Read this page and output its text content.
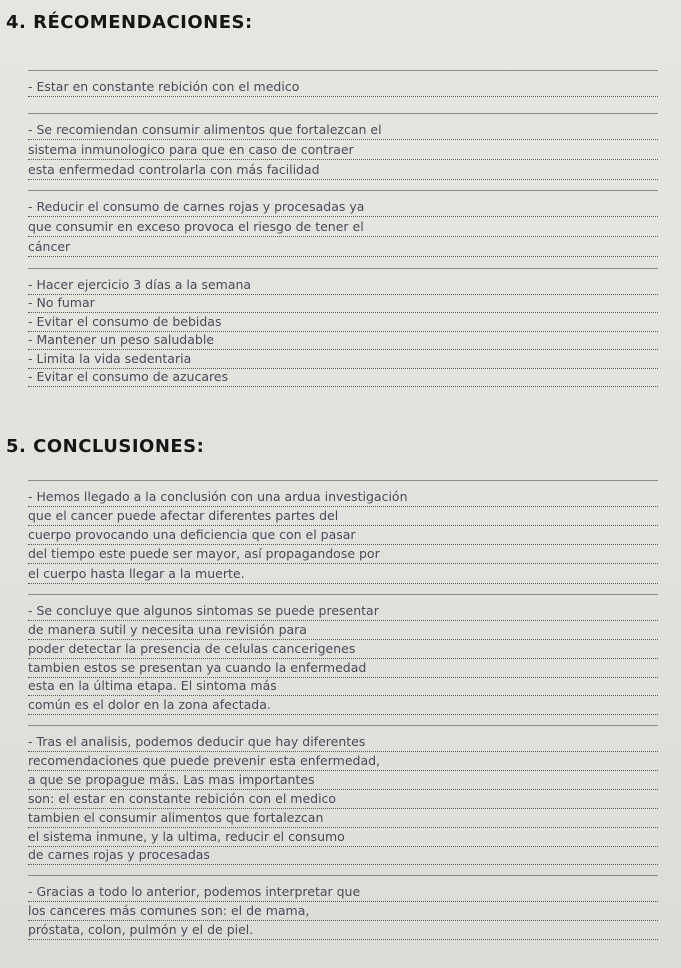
4. RÉCOMENDACIONES:
- Estar en constante rebición con el medico
- Se recomiendan consumir alimentos que fortalezcan el
sistema inmunologico para que en caso de contraer
esta enfermedad controlarla con más facilidad
- Reducir el consumo de carnes rojas y procesadas ya
que consumir en exceso provoca el riesgo de tener el
cáncer
- Hacer ejercicio 3 días a la semana
- No fumar
- Evitar el consumo de bebidas
- Mantener un peso saludable
- Limita la vida sedentaria
- Evitar el consumo de azucares
5. CONCLUSIONES:
- Hemos llegado a la conclusión con una ardua investigación
que el cancer puede afectar diferentes partes del
cuerpo provocando una deficiencia que con el pasar
del tiempo este puede ser mayor, así propagandose por
el cuerpo hasta llegar a la muerte.
- Se concluye que algunos sintomas se puede presentar
de manera sutil y necesita una revisión para
poder detectar la presencia de celulas cancerigenes
tambien estos se presentan ya cuando la enfermedad
esta en la última etapa. El sintoma más
común es el dolor en la zona afectada.
- Tras el analisis, podemos deducir que hay diferentes
recomendaciones que puede prevenir esta enfermedad,
a que se propague más. Las mas importantes
son: el estar en constante rebición con el medico
tambien el consumir alimentos que fortalezcan
el sistema inmune, y la ultima, reducir el consumo
de carnes rojas y procesadas
- Gracias a todo lo anterior, podemos interpretar que
los canceres más comunes son: el de mama,
próstata, colon, pulmón y el de piel.
